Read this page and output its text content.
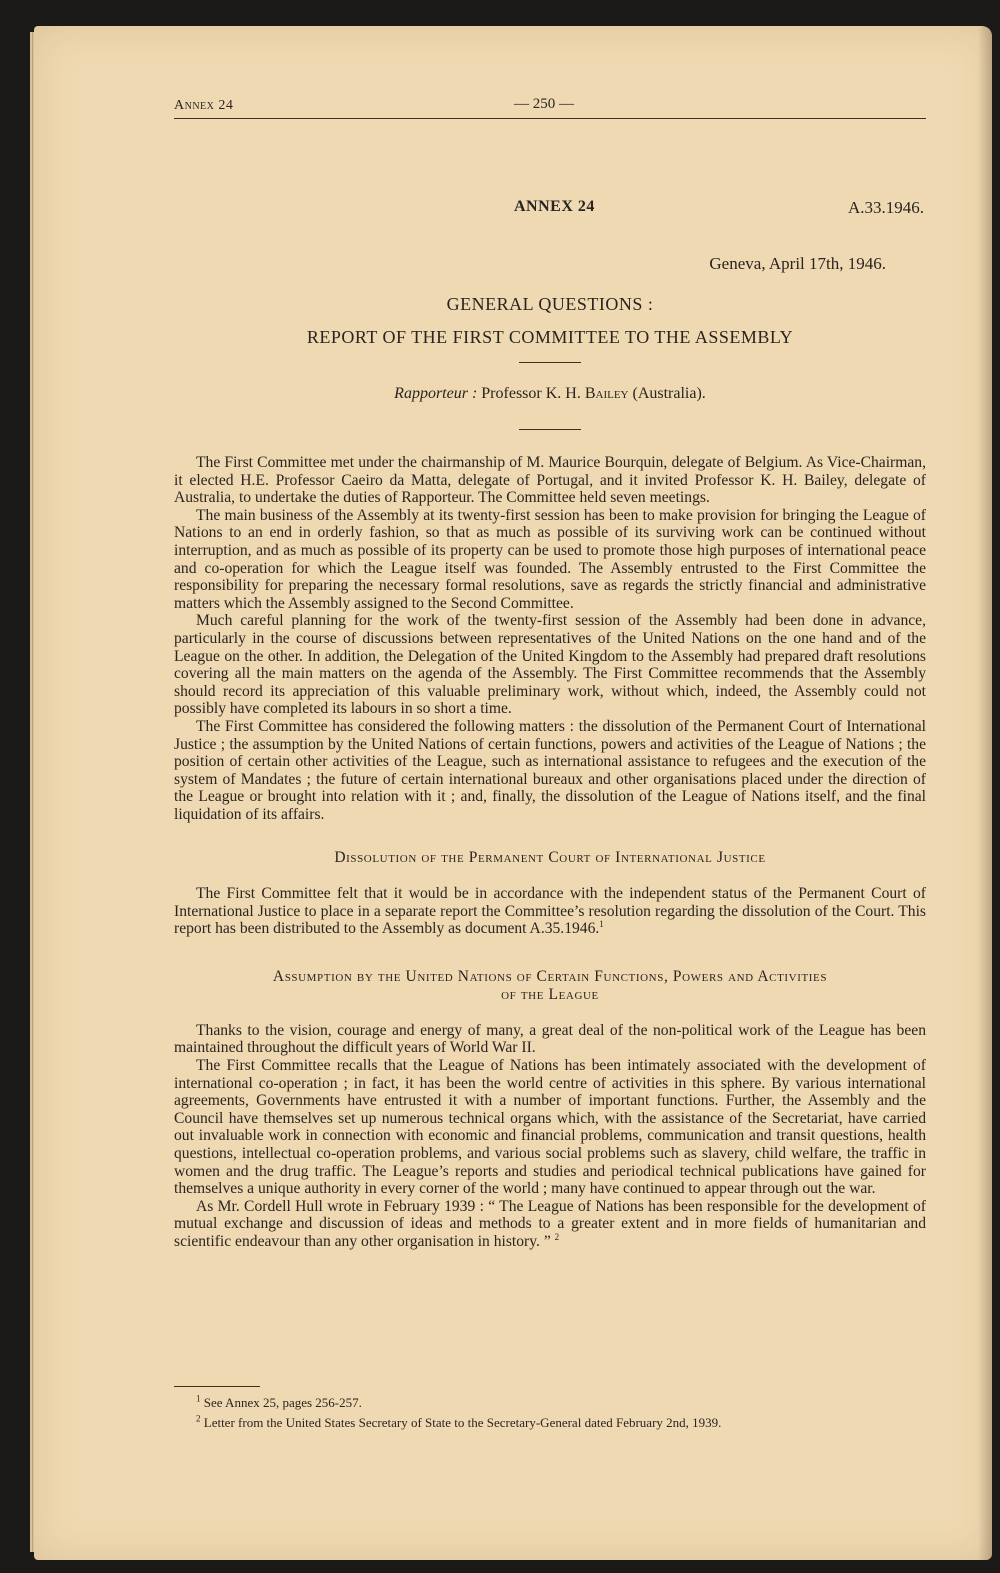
Annex 24	— 250 —
ANNEX 24	A.33.1946.
Geneva, April 17th, 1946.
GENERAL QUESTIONS :
REPORT OF THE FIRST COMMITTEE TO THE ASSEMBLY
Rapporteur : Professor K. H. Bailey (Australia).

The First Committee met under the chairmanship of M. Maurice Bourquin, delegate of Belgium. As Vice-Chairman, it elected H.E. Professor Caeiro da Matta, delegate of Portugal, and it invited Professor K. H. Bailey, delegate of Australia, to undertake the duties of Rapporteur. The Committee held seven meetings.

The main business of the Assembly at its twenty-first session has been to make provision for bringing the League of Nations to an end in orderly fashion, so that as much as possible of its surviving work can be continued without interruption, and as much as possible of its property can be used to promote those high purposes of international peace and co-operation for which the League itself was founded. The Assembly entrusted to the First Committee the responsibility for preparing the necessary formal resolutions, save as regards the strictly financial and administrative matters which the Assembly assigned to the Second Committee.

Much careful planning for the work of the twenty-first session of the Assembly had been done in advance, particularly in the course of discussions between representatives of the United Nations on the one hand and of the League on the other. In addition, the Delegation of the United Kingdom to the Assembly had prepared draft resolutions covering all the main matters on the agenda of the Assembly. The First Committee recommends that the Assembly should record its appreciation of this valuable preliminary work, without which, indeed, the Assembly could not possibly have completed its labours in so short a time.

The First Committee has considered the following matters : the dissolution of the Permanent Court of International Justice ; the assumption by the United Nations of certain functions, powers and activities of the League of Nations ; the position of certain other activities of the League, such as international assistance to refugees and the execution of the system of Mandates ; the future of certain international bureaux and other organisations placed under the direction of the League or brought into relation with it ; and, finally, the dissolution of the League of Nations itself, and the final liquidation of its affairs.

Dissolution of the Permanent Court of International Justice

The First Committee felt that it would be in accordance with the independent status of the Permanent Court of International Justice to place in a separate report the Committee’s resolution regarding the dissolution of the Court. This report has been distributed to the Assembly as document A.35.1946.$^1$

Assumption by the United Nations of Certain Functions, Powers and Activities
of the League

Thanks to the vision, courage and energy of many, a great deal of the non-political work of the League has been maintained throughout the difficult years of World War II.

The First Committee recalls that the League of Nations has been intimately associated with the development of international co-operation ; in fact, it has been the world centre of activities in this sphere. By various international agreements, Governments have entrusted it with a number of important functions. Further, the Assembly and the Council have themselves set up numerous technical organs which, with the assistance of the Secretariat, have carried out invaluable work in connection with economic and financial problems, communication and transit questions, health questions, intellectual co-operation problems, and various social problems such as slavery, child welfare, the traffic in women and the drug traffic. The League’s reports and studies and periodical technical publications have gained for themselves a unique authority in every corner of the world ; many have continued to appear through out the war.

As Mr. Cordell Hull wrote in February 1939 : “ The League of Nations has been responsible for the development of mutual exchange and discussion of ideas and methods to a greater extent and in more fields of humanitarian and scientific endeavour than any other organisation in history. ” $^2$

$^1$ See Annex 25, pages 256-257.
$^2$ Letter from the United States Secretary of State to the Secretary-General dated February 2nd, 1939.
